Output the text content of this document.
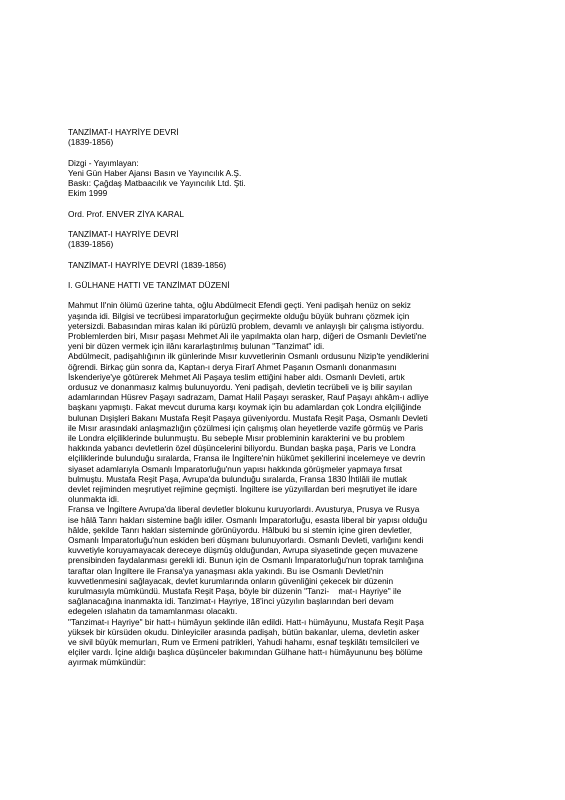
TANZİMAT-I HAYRİYE DEVRİ
(1839-1856)
Dizgi - Yayımlayan:
Yeni Gün Haber Ajansı Basın ve Yayıncılık A.Ş.
Baskı: Çağdaş Matbaacılık ve Yayıncılık Ltd. Şti.
Ekim 1999
Ord. Prof. ENVER ZİYA KARAL
TANZİMAT-I HAYRİYE DEVRİ
(1839-1856)
TANZİMAT-I HAYRİYE DEVRİ (1839-1856)
I. GÜLHANE HATTI VE TANZİMAT DÜZENİ
Mahmut II'nin ölümü üzerine tahta, oğlu Abdülmecit Efendi geçti. Yeni padişah henüz on sekiz
yaşında idi. Bilgisi ve tecrübesi imparatorluğun geçirmekte olduğu büyük buhranı çözmek için
yetersizdi. Babasından miras kalan iki pürüzlü problem, devamlı ve anlayışlı bir çalışma istiyordu.
Problemlerden biri, Mısır paşası Mehmet Ali ile yapılmakta olan harp, diğeri de Osmanlı Devleti'ne
yeni bir düzen vermek için ilânı kararlaştırılmış bulunan "Tanzimat" idi.
Abdülmecit, padişahlığının ilk günlerinde Mısır kuvvetlerinin Osmanlı ordusunu Nizip'te yendiklerini
öğrendi. Birkaç gün sonra da, Kaptan-ı derya Firarî Ahmet Paşanın Osmanlı donanmasını
İskenderiye'ye götürerek Mehmet Ali Paşaya teslim ettiğini haber aldı. Osmanlı Devleti, artık
ordusuz ve donanmasız kalmış bulunuyordu. Yeni padişah, devletin tecrübeli ve iş bilir sayılan
adamlarından Hüsrev Paşayı sadrazam, Damat Halil Paşayı serasker, Rauf Paşayı ahkâm-ı adliye
başkanı yapmıştı. Fakat mevcut duruma karşı koymak için bu adamlardan çok Londra elçiliğinde
bulunan Dışişleri Bakanı Mustafa Reşit Paşaya güveniyordu. Mustafa Reşit Paşa, Osmanlı Devleti
ile Mısır arasındaki anlaşmazlığın çözülmesi için çalışmış olan heyetlerde vazife görmüş ve Paris
ile Londra elçiliklerinde bulunmuştu. Bu sebeple Mısır probleminin karakterini ve bu problem
hakkında yabancı devletlerin özel düşüncelerini biliyordu. Bundan başka paşa, Paris ve Londra
elçiliklerinde bulunduğu sıralarda, Fransa ile İngiltere'nin hükûmet şekillerini incelemeye ve devrin
siyaset adamlarıyla Osmanlı İmparatorluğu'nun yapısı hakkında görüşmeler yapmaya fırsat
bulmuştu. Mustafa Reşit Paşa, Avrupa'da bulunduğu sıralarda, Fransa 1830 İhtilâli ile mutlak
devlet rejiminden meşrutiyet rejimine geçmişti. İngiltere ise yüzyıllardan beri meşrutiyet ile idare
olunmakta idi.
Fransa ve İngiltere Avrupa'da liberal devletler blokunu kuruyorlardı. Avusturya, Prusya ve Rusya
ise hâlâ Tanrı hakları sistemine bağlı idiler. Osmanlı İmparatorluğu, esasta liberal bir yapısı olduğu
hâlde, şekilde Tanrı hakları sisteminde görünüyordu. Hâlbuki bu si stemin içine giren devletler,
Osmanlı İmparatorluğu'nun eskiden beri düşmanı bulunuyorlardı. Osmanlı Devleti, varlığını kendi
kuvvetiyle koruyamayacak dereceye düşmüş olduğundan, Avrupa siyasetinde geçen muvazene
prensibinden faydalanması gerekli idi. Bunun için de Osmanlı İmparatorluğu'nun toprak tamlığına
taraftar olan İngiltere ile Fransa'ya yanaşması akla yakındı. Bu ise Osmanlı Devleti'nin
kuvvetlenmesini sağlayacak, devlet kurumlarında onların güvenliğini çekecek bir düzenin
kurulmasıyla mümkündü. Mustafa Reşit Paşa, böyle bir düzenin "Tanzi-    mat-ı Hayriye" ile
sağlanacağına inanmakta idi. Tanzimat-ı Hayriye, 18'inci yüzyılın başlarından beri devam
edegelen ıslahatın da tamamlanması olacaktı.
"Tanzimat-ı Hayriye" bir hatt-ı hümâyun şeklinde ilân edildi. Hatt-ı hümâyunu, Mustafa Reşit Paşa
yüksek bir kürsüden okudu. Dinleyiciler arasında padişah, bütün bakanlar, ulema, devletin asker
ve sivil büyük memurları, Rum ve Ermeni patrikleri, Yahudi hahamı, esnaf teşkilâtı temsilcileri ve
elçiler vardı. İçine aldığı başlıca düşünceler bakımından Gülhane hatt-ı hümâyununu beş bölüme
ayırmak mümkündür:
